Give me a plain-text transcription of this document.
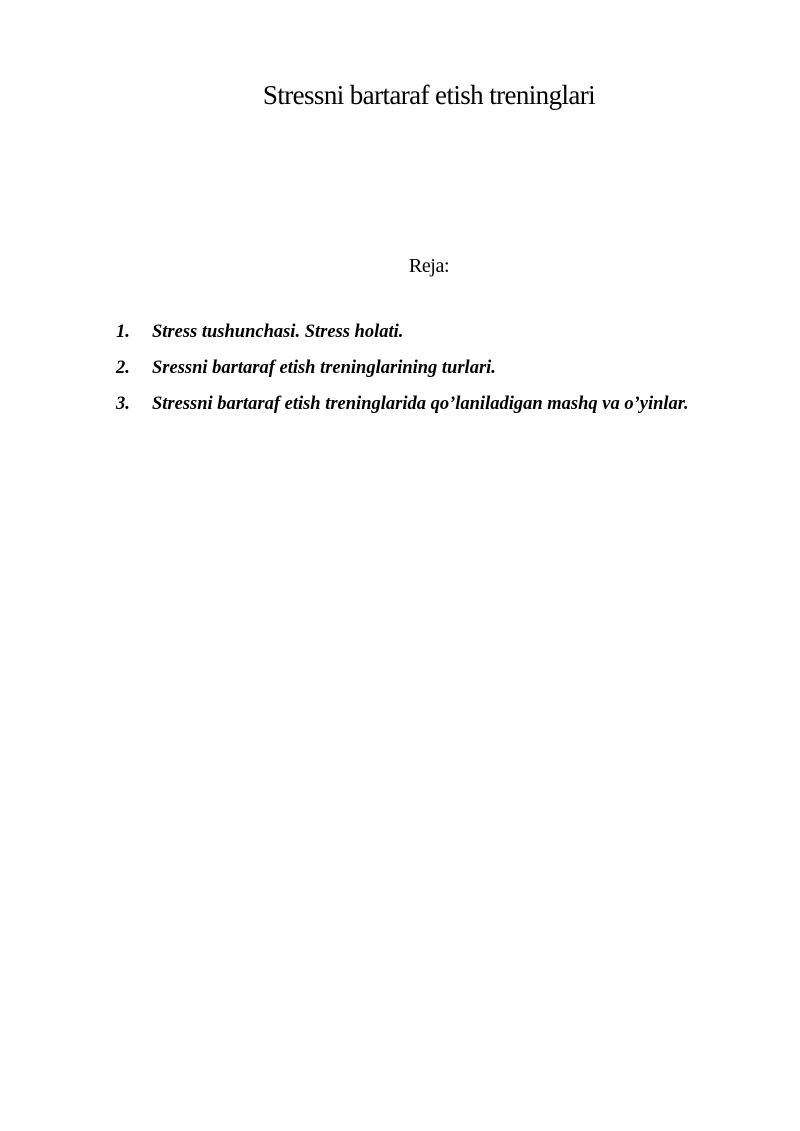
Stressni bartaraf etish treninglari
Reja:
1. Stress tushunchasi. Stress holati.
2. Sressni bartaraf etish treninglarining turlari.
3. Stressni bartaraf etish treninglarida qo’laniladigan mashq va o’yinlar.
